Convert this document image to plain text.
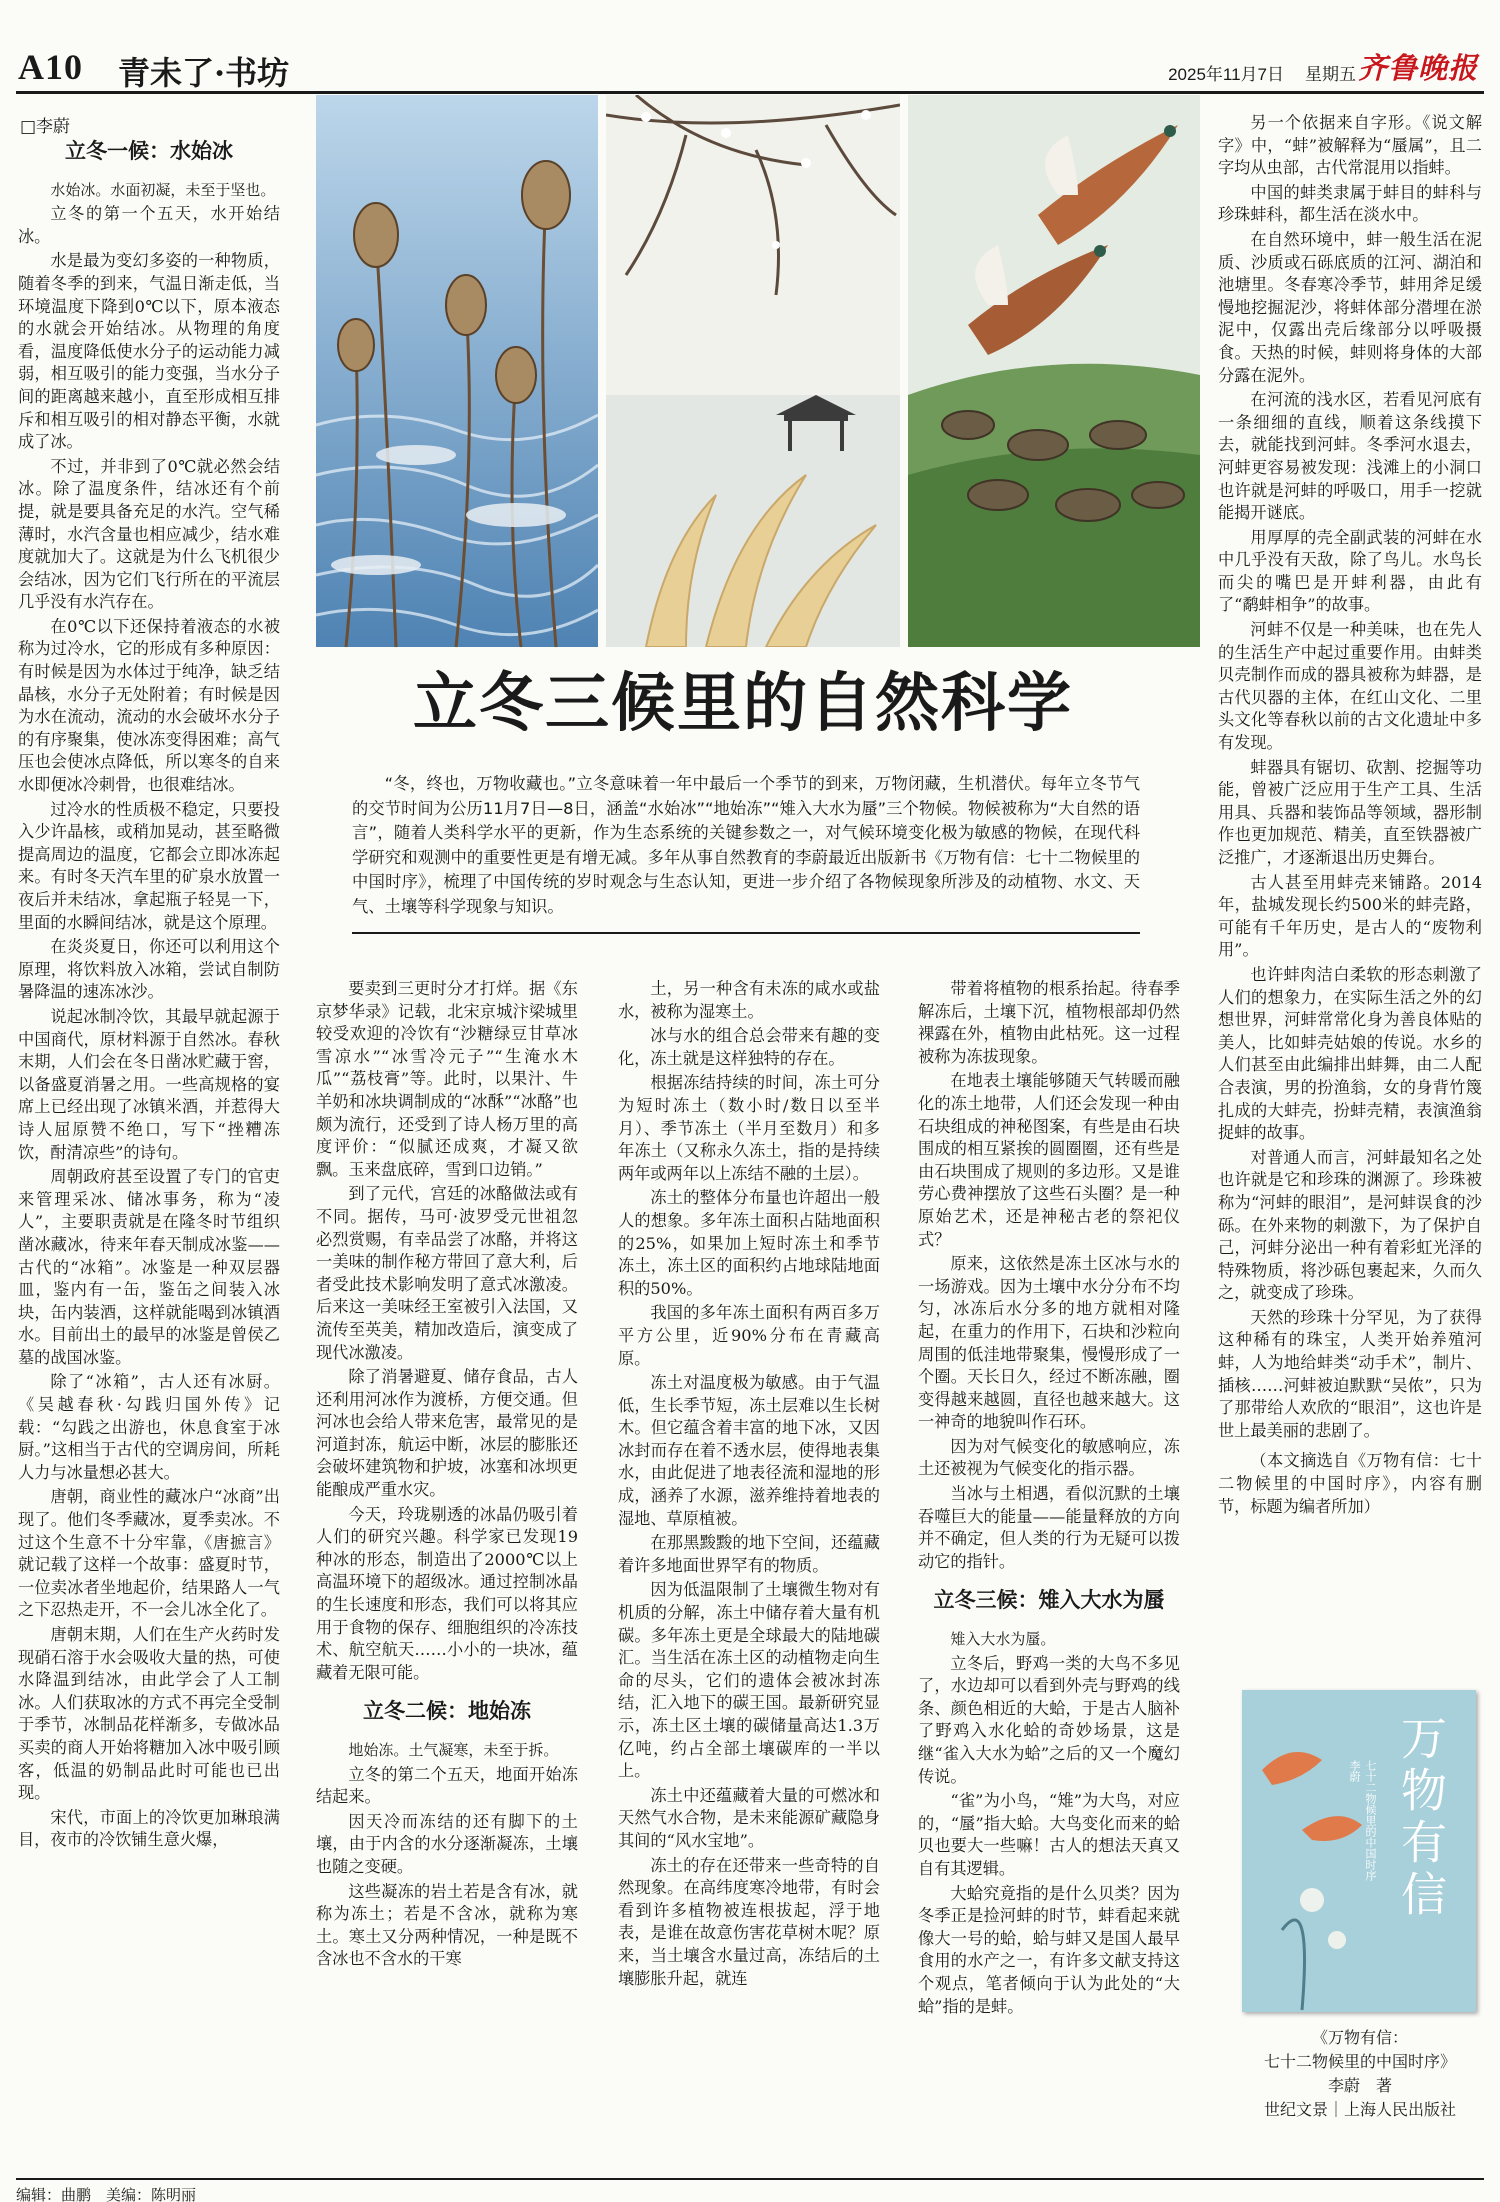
A10 青未了·书坊	2025年11月7日 星期五 齐鲁晚报
□李蔚
立冬三候里的自然科学
“冬，终也，万物收藏也。”立冬意味着一年中最后一个季节的到来，万物闭藏，生机潜伏。每年立冬节气的交节时间为公历11月7日—8日，涵盖“水始冰”“地始冻”“雉入大水为蜃”三个物候。物候被称为“大自然的语言”，随着人类科学水平的更新，作为生态系统的关键参数之一，对气候环境变化极为敏感的物候，在现代科学研究和观测中的重要性更是有增无减。多年从事自然教育的李蔚最近出版新书《万物有信：七十二物候里的中国时序》，梳理了中国传统的岁时观念与生态认知，更进一步介绍了各物候现象所涉及的动植物、水文、天气、土壤等科学现象与知识。

立冬一候：水始冰

水始冰。水面初凝，未至于坚也。

立冬的第一个五天，水开始结冰。

水是最为变幻多姿的一种物质，随着冬季的到来，气温日渐走低，当环境温度下降到0℃以下，原本液态的水就会开始结冰。从物理的角度看，温度降低使水分子的运动能力减弱，相互吸引的能力变强，当水分子间的距离越来越小，直至形成相互排斥和相互吸引的相对静态平衡，水就成了冰。

不过，并非到了0℃就必然会结冰。除了温度条件，结冰还有个前提，就是要具备充足的水汽。空气稀薄时，水汽含量也相应减少，结水难度就加大了。这就是为什么飞机很少会结冰，因为它们飞行所在的平流层几乎没有水汽存在。

在0℃以下还保持着液态的水被称为过冷水，它的形成有多种原因：有时候是因为水体过于纯净，缺乏结晶核，水分子无处附着；有时候是因为水在流动，流动的水会破坏水分子的有序聚集，使冰冻变得困难；高气压也会使冰点降低，所以寒冬的自来水即便冰冷刺骨，也很难结冰。

过冷水的性质极不稳定，只要投入少许晶核，或稍加晃动，甚至略微提高周边的温度，它都会立即冰冻起来。有时冬天汽车里的矿泉水放置一夜后并未结冰，拿起瓶子轻晃一下，里面的水瞬间结冰，就是这个原理。

在炎炎夏日，你还可以利用这个原理，将饮料放入冰箱，尝试自制防暑降温的速冻冰沙。

说起冰制冷饮，其最早就起源于中国商代，原材料源于自然冰。春秋末期，人们会在冬日凿冰贮藏于窖，以备盛夏消暑之用。一些高规格的宴席上已经出现了冰镇米酒，并惹得大诗人屈原赞不绝口，写下“挫糟冻饮，酎清凉些”的诗句。

周朝政府甚至设置了专门的官吏来管理采冰、储冰事务，称为“凌人”，主要职责就是在隆冬时节组织凿冰藏冰，待来年春天制成冰鉴——古代的“冰箱”。冰鉴是一种双层器皿，鉴内有一缶，鉴缶之间装入冰块，缶内装酒，这样就能喝到冰镇酒水。目前出土的最早的冰鉴是曾侯乙墓的战国冰鉴。

除了“冰箱”，古人还有冰厨。《吴越春秋·勾践归国外传》记载：“勾践之出游也，休息食室于冰厨。”这相当于古代的空调房间，所耗人力与冰量想必甚大。

唐朝，商业性的藏冰户“冰商”出现了。他们冬季藏冰，夏季卖冰。不过这个生意不十分牢靠，《唐摭言》就记载了这样一个故事：盛夏时节，一位卖冰者坐地起价，结果路人一气之下忍热走开，不一会儿冰全化了。

唐朝末期，人们在生产火药时发现硝石溶于水会吸收大量的热，可使水降温到结冰，由此学会了人工制冰。人们获取冰的方式不再完全受制于季节，冰制品花样渐多，专做冰品买卖的商人开始将糖加入冰中吸引顾客，低温的奶制品此时可能也已出现。

宋代，市面上的冷饮更加琳琅满目，夜市的冷饮铺生意火爆，

要卖到三更时分才打烊。据《东京梦华录》记载，北宋京城汴梁城里较受欢迎的冷饮有“沙糖绿豆甘草冰雪凉水”“冰雪冷元子”“生淹水木瓜”“荔枝膏”等。此时，以果汁、牛羊奶和冰块调制成的“冰酥”“冰酪”也颇为流行，还受到了诗人杨万里的高度评价：“似腻还成爽，才凝又欲飘。玉来盘底碎，雪到口边销。”

到了元代，宫廷的冰酪做法或有不同。据传，马可·波罗受元世祖忽必烈赏赐，有幸品尝了冰酪，并将这一美味的制作秘方带回了意大利，后者受此技术影响发明了意式冰激凌。后来这一美味经王室被引入法国，又流传至英美，精加改造后，演变成了现代冰激凌。

除了消暑避夏、储存食品，古人还利用河冰作为渡桥，方便交通。但河冰也会给人带来危害，最常见的是河道封冻，航运中断，冰层的膨胀还会破坏建筑物和护坡，冰塞和冰坝更能酿成严重水灾。

今天，玲珑剔透的冰晶仍吸引着人们的研究兴趣。科学家已发现19种冰的形态，制造出了2000℃以上高温环境下的超级冰。通过控制冰晶的生长速度和形态，我们可以将其应用于食物的保存、细胞组织的冷冻技术、航空航天……小小的一块冰，蕴藏着无限可能。

立冬二候：地始冻

地始冻。土气凝寒，未至于拆。

立冬的第二个五天，地面开始冻结起来。

因天冷而冻结的还有脚下的土壤，由于内含的水分逐渐凝冻，土壤也随之变硬。

这些凝冻的岩土若是含有冰，就称为冻土；若是不含冰，就称为寒土。寒土又分两种情况，一种是既不含冰也不含水的干寒

土，另一种含有未冻的咸水或盐水，被称为湿寒土。

冰与水的组合总会带来有趣的变化，冻土就是这样独特的存在。

根据冻结持续的时间，冻土可分为短时冻土（数小时/数日以至半月）、季节冻土（半月至数月）和多年冻土（又称永久冻土，指的是持续两年或两年以上冻结不融的土层）。

冻土的整体分布量也许超出一般人的想象。多年冻土面积占陆地面积的25%，如果加上短时冻土和季节冻土，冻土区的面积约占地球陆地面积的50%。

我国的多年冻土面积有两百多万平方公里，近90%分布在青藏高原。

冻土对温度极为敏感。由于气温低，生长季节短，冻土层难以生长树木。但它蕴含着丰富的地下冰，又因冰封而存在着不透水层，使得地表集水，由此促进了地表径流和湿地的形成，涵养了水源，滋养维持着地表的湿地、草原植被。

在那黑黢黢的地下空间，还蕴藏着许多地面世界罕有的物质。

因为低温限制了土壤微生物对有机质的分解，冻土中储存着大量有机碳。多年冻土更是全球最大的陆地碳汇。当生活在冻土区的动植物走向生命的尽头，它们的遗体会被冰封冻结，汇入地下的碳王国。最新研究显示，冻土区土壤的碳储量高达1.3万亿吨，约占全部土壤碳库的一半以上。

冻土中还蕴藏着大量的可燃冰和天然气水合物，是未来能源矿藏隐身其间的“风水宝地”。

冻土的存在还带来一些奇特的自然现象。在高纬度寒冷地带，有时会看到许多植物被连根拔起，浮于地表，是谁在故意伤害花草树木呢？原来，当土壤含水量过高，冻结后的土壤膨胀升起，就连

带着将植物的根系抬起。待春季解冻后，土壤下沉，植物根部却仍然裸露在外，植物由此枯死。这一过程被称为冻拔现象。

在地表土壤能够随天气转暖而融化的冻土地带，人们还会发现一种由石块组成的神秘图案，有些是由石块围成的相互紧挨的圆圈圈，还有些是由石块围成了规则的多边形。又是谁劳心费神摆放了这些石头圈？是一种原始艺术，还是神秘古老的祭祀仪式？

原来，这依然是冻土区冰与水的一场游戏。因为土壤中水分分布不均匀，冰冻后水分多的地方就相对隆起，在重力的作用下，石块和沙粒向周围的低洼地带聚集，慢慢形成了一个圈。天长日久，经过不断冻融，圈变得越来越圆，直径也越来越大。这一神奇的地貌叫作石环。

因为对气候变化的敏感响应，冻土还被视为气候变化的指示器。

当冰与土相遇，看似沉默的土壤吞噬巨大的能量——能量释放的方向并不确定，但人类的行为无疑可以拨动它的指针。

立冬三候：雉入大水为蜃

雉入大水为蜃。

立冬后，野鸡一类的大鸟不多见了，水边却可以看到外壳与野鸡的线条、颜色相近的大蛤，于是古人脑补了野鸡入水化蛤的奇妙场景，这是继“雀入大水为蛤”之后的又一个魔幻传说。

“雀”为小鸟，“雉”为大鸟，对应的，“蜃”指大蛤。大鸟变化而来的蛤贝也要大一些嘛！古人的想法天真又自有其逻辑。

大蛤究竟指的是什么贝类？因为冬季正是捡河蚌的时节，蚌看起来就像大一号的蛤，蛤与蚌又是国人最早食用的水产之一，有许多文献支持这个观点，笔者倾向于认为此处的“大蛤”指的是蚌。

另一个依据来自字形。《说文解字》中，“蚌”被解释为“蜃属”，且二字均从虫部，古代常混用以指蚌。

中国的蚌类隶属于蚌目的蚌科与珍珠蚌科，都生活在淡水中。

在自然环境中，蚌一般生活在泥质、沙质或石砾底质的江河、湖泊和池塘里。冬春寒冷季节，蚌用斧足缓慢地挖掘泥沙，将蚌体部分潜埋在淤泥中，仅露出壳后缘部分以呼吸摄食。天热的时候，蚌则将身体的大部分露在泥外。

在河流的浅水区，若看见河底有一条细细的直线，顺着这条线摸下去，就能找到河蚌。冬季河水退去，河蚌更容易被发现：浅滩上的小洞口也许就是河蚌的呼吸口，用手一挖就能揭开谜底。

用厚厚的壳全副武装的河蚌在水中几乎没有天敌，除了鸟儿。水鸟长而尖的嘴巴是开蚌利器，由此有了“鹬蚌相争”的故事。

河蚌不仅是一种美味，也在先人的生活生产中起过重要作用。由蚌类贝壳制作而成的器具被称为蚌器，是古代贝器的主体，在红山文化、二里头文化等春秋以前的古文化遗址中多有发现。

蚌器具有锯切、砍割、挖掘等功能，曾被广泛应用于生产工具、生活用具、兵器和装饰品等领域，器形制作也更加规范、精美，直至铁器被广泛推广，才逐渐退出历史舞台。

古人甚至用蚌壳来铺路。2014年，盐城发现长约500米的蚌壳路，可能有千年历史，是古人的“废物利用”。

也许蚌肉洁白柔软的形态刺激了人们的想象力，在实际生活之外的幻想世界，河蚌常常化身为善良体贴的美人，比如蚌壳姑娘的传说。水乡的人们甚至由此编排出蚌舞，由二人配合表演，男的扮渔翁，女的身背竹篾扎成的大蚌壳，扮蚌壳精，表演渔翁捉蚌的故事。

对普通人而言，河蚌最知名之处也许就是它和珍珠的渊源了。珍珠被称为“河蚌的眼泪”，是河蚌误食的沙砾。在外来物的刺激下，为了保护自己，河蚌分泌出一种有着彩虹光泽的特殊物质，将沙砾包裹起来，久而久之，就变成了珍珠。

天然的珍珠十分罕见，为了获得这种稀有的珠宝，人类开始养殖河蚌，人为地给蚌类“动手术”，制片、插核……河蚌被迫默默“吴侬”，只为了那带给人欢欣的“眼泪”，这也许是世上最美丽的悲剧了。

（本文摘选自《万物有信：七十二物候里的中国时序》，内容有删节，标题为编者所加）

万物有信
七十二物候里的中国时序
李蔚
《万物有信：
七十二物候里的中国时序》
李蔚　著
世纪文景｜上海人民出版社
编辑：曲鹏　美编：陈明丽
